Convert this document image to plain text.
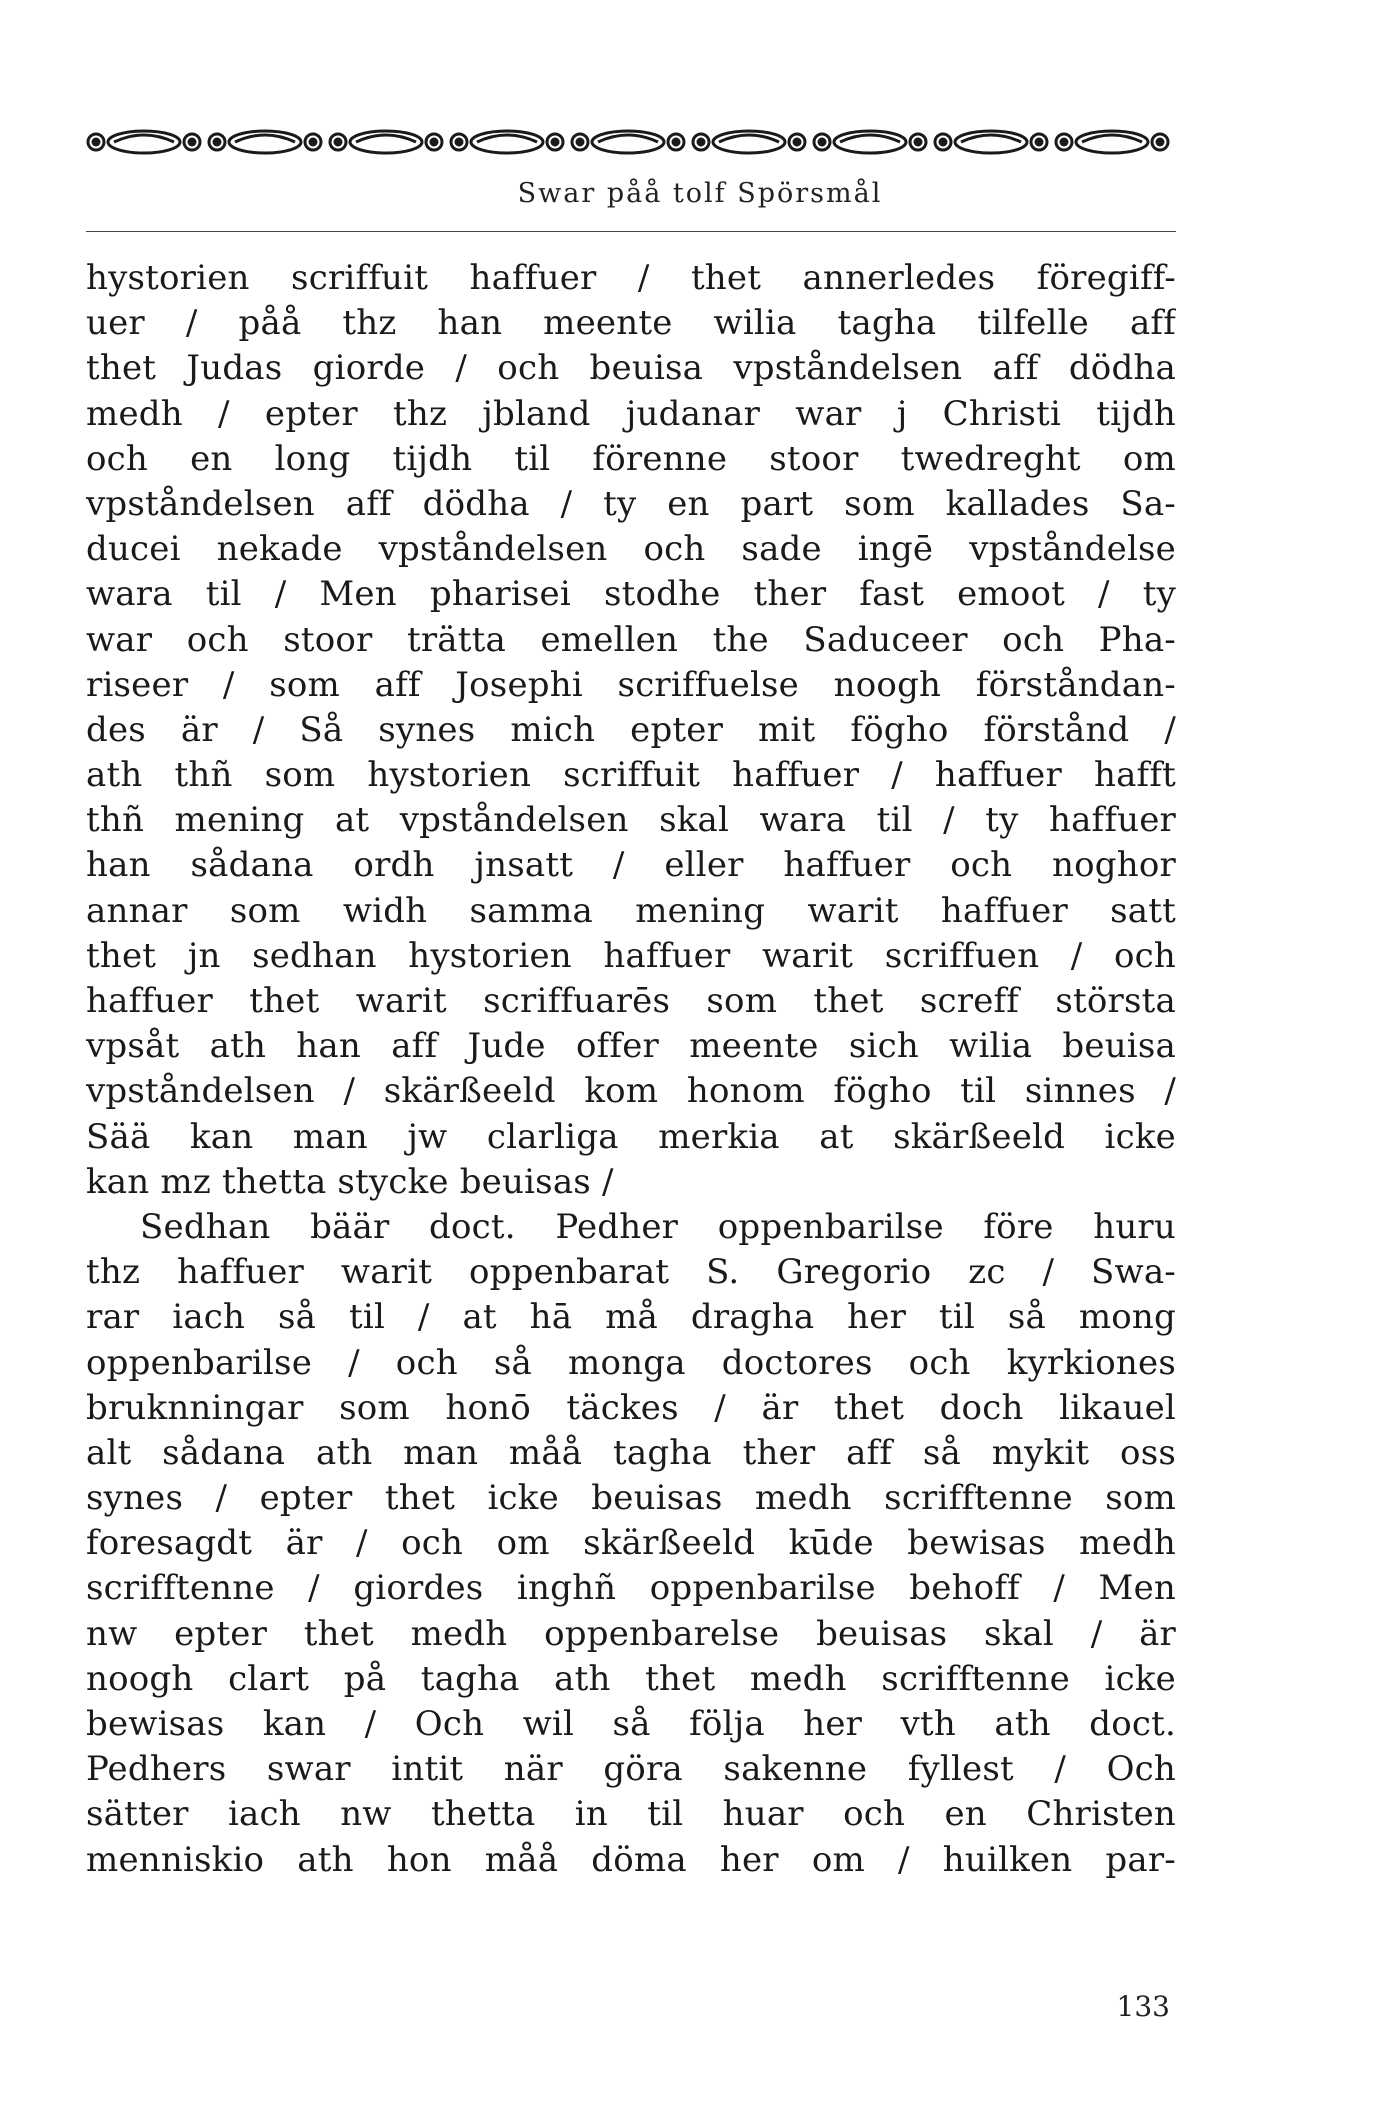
Swar påå tolf Spörsmål
hystorien scriffuit haffuer / thet annerledes föregiff-
uer / påå thz han meente wilia tagha tilfelle aff
thet Judas giorde / och beuisa vpståndelsen aff dödha
medh / epter thz jbland judanar war j Christi tijdh
och en long tijdh til förenne stoor twedreght om
vpståndelsen aff dödha / ty en part som kallades Sa-
ducei nekade vpståndelsen och sade ingē vpståndelse
wara til / Men pharisei stodhe ther fast emoot / ty
war och stoor trätta emellen the Saduceer och Pha-
riseer / som aff Josephi scriffuelse noogh förståndan-
des är / Så synes mich epter mit föghо förstånd /
ath thñ som hystorien scriffuit haffuer / haffuer hafft
thñ mening at vpståndelsen skal wara til / ty haffuer
han sådana ordh jnsatt / eller haffuer och noghor
annar som widh samma mening warit haffuer satt
thet jn sedhan hystorien haffuer warit scriffuen / och
haffuer thet warit scriffuarēs som thet screff största
vpsåt ath han aff Jude offer meente sich wilia beuisa
vpståndelsen / skärßeeld kom honom föghо til sinnes /
Sää kan man jw clarliga merkia at skärßeeld icke
kan mz thetta stycke beuisas /
Sedhan bäär doct. Pedher oppenbarilse före huru
thz haffuer warit oppenbarat S. Gregorio zc / Swa-
rar iach så til / at hā må dragha her til så mong
oppenbarilse / och så monga doctores och kyrkiones
bruknningar som honō täckes / är thet doch likauel
alt sådana ath man måå tagha ther aff så mykit oss
synes / epter thet icke beuisas medh scrifftenne som
foresagdt är / och om skärßeeld kūde bewisas medh
scrifftenne / giordes inghñ oppenbarilse behoff / Men
nw epter thet medh oppenbarelse beuisas skal / är
noogh clart på tagha ath thet medh scrifftenne icke
bewisas kan / Och wil så följa her vth ath doct.
Pedhers swar intit när göra sakenne fyllest / Och
sätter iach nw thetta in til huar och en Christen
menniskio ath hon måå döma her om / huilken par-
133
